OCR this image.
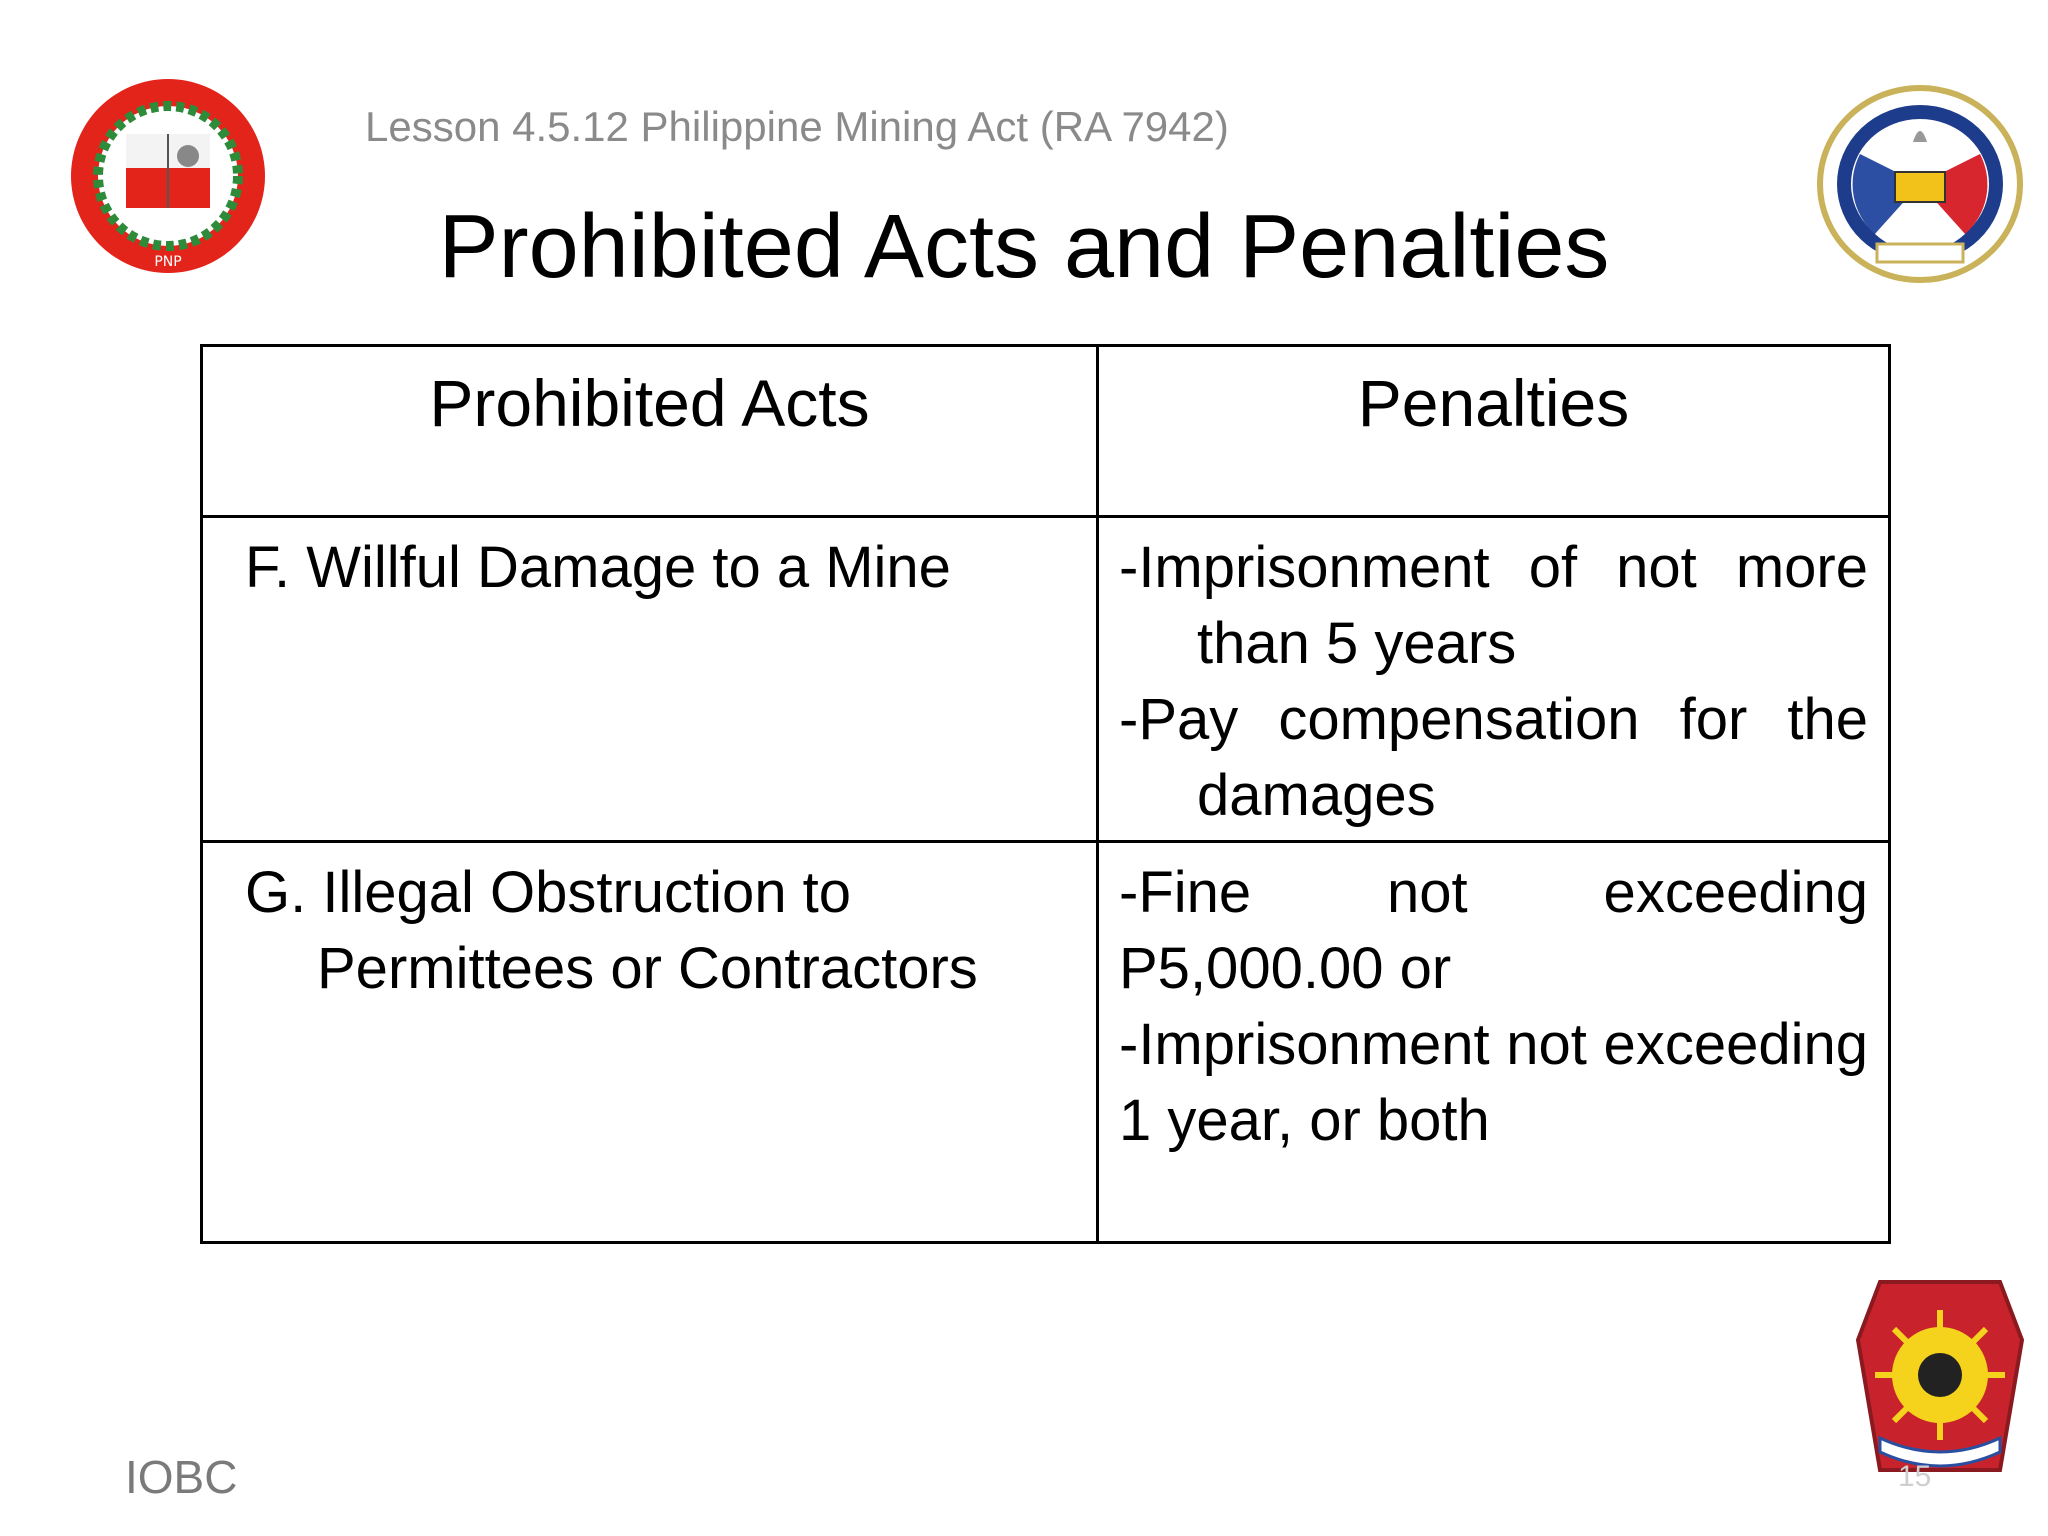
PNP
Lesson 4.5.12 Philippine Mining Act (RA 7942)
Prohibited Acts and Penalties
Prohibited Acts	Penalties

F. Willful Damage to a Mine	-Imprisonment of not more than 5 years
-Pay compensation for the damages

G. Illegal Obstruction to Permittees or Contractors	-Fine not exceeding P5,000.00 or
-Imprisonment not exceeding 1 year, or both
IOBC	15
